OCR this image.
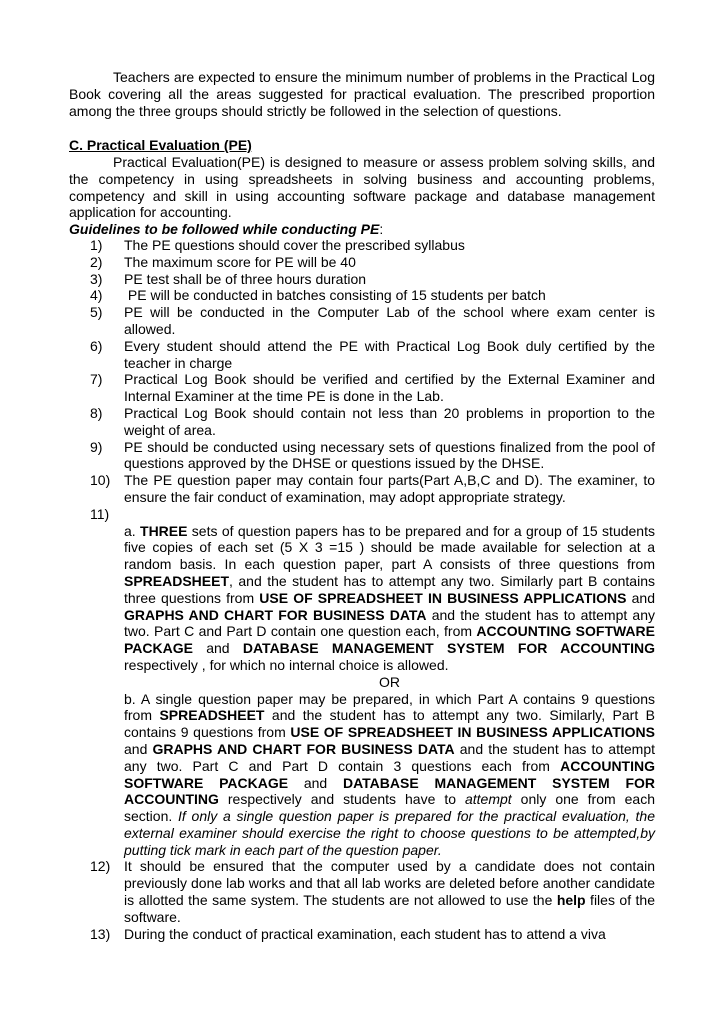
Teachers are expected to ensure the minimum number of problems in the Practical Log Book covering all the areas suggested for practical evaluation. The prescribed proportion among the three groups should strictly be followed in the selection of questions.

C. Practical Evaluation (PE)

Practical Evaluation(PE) is designed to measure or assess problem solving skills, and the competency in using spreadsheets in solving business and accounting problems, competency and skill in using accounting software package and database management application for accounting.

Guidelines to be followed while conducting PE:

1)	The PE questions should cover the prescribed syllabus
2)	The maximum score for PE will be 40
3)	PE test shall be of three hours duration
4)	PE will be conducted in batches consisting of 15 students per batch
5)	PE will be conducted in the Computer Lab of the school where exam center is allowed.
6)	Every student should attend the PE with Practical Log Book duly certified by the teacher in charge
7)	Practical Log Book should be verified and certified by the External Examiner and Internal Examiner at the time PE is done in the Lab.
8)	Practical Log Book should contain not less than 20 problems in proportion to the weight of area.
9)	PE should be conducted using necessary sets of questions finalized from the pool of questions approved by the DHSE or questions issued by the DHSE.
10) The PE question paper may contain four parts(Part A,B,C and D). The examiner, to ensure the fair conduct of examination, may adopt appropriate strategy.
11)

a. THREE sets of question papers has to be prepared and for a group of 15 students five copies of each set (5 X 3 =15 ) should be made available for selection at a random basis. In each question paper, part A consists of three questions from SPREADSHEET, and the student has to attempt any two. Similarly part B contains three questions from USE OF SPREADSHEET IN BUSINESS APPLICATIONS and GRAPHS AND CHART FOR BUSINESS DATA and the student has to attempt any two. Part C and Part D contain one question each, from ACCOUNTING SOFTWARE PACKAGE and DATABASE MANAGEMENT SYSTEM FOR ACCOUNTING respectively , for which no internal choice is allowed.

OR

b. A single question paper may be prepared, in which Part A contains 9 questions from SPREADSHEET and the student has to attempt any two. Similarly, Part B contains 9 questions from USE OF SPREADSHEET IN BUSINESS APPLICATIONS and GRAPHS AND CHART FOR BUSINESS DATA and the student has to attempt any two. Part C and Part D contain 3 questions each from ACCOUNTING SOFTWARE PACKAGE and DATABASE MANAGEMENT SYSTEM FOR ACCOUNTING respectively and students have to attempt only one from each section. If only a single question paper is prepared for the practical evaluation, the external examiner should exercise the right to choose questions to be attempted,by putting tick mark in each part of the question paper.

12) It should be ensured that the computer used by a candidate does not contain previously done lab works and that all lab works are deleted before another candidate is allotted the same system. The students are not allowed to use the help files of the software.
13) During the conduct of practical examination, each student has to attend a viva
